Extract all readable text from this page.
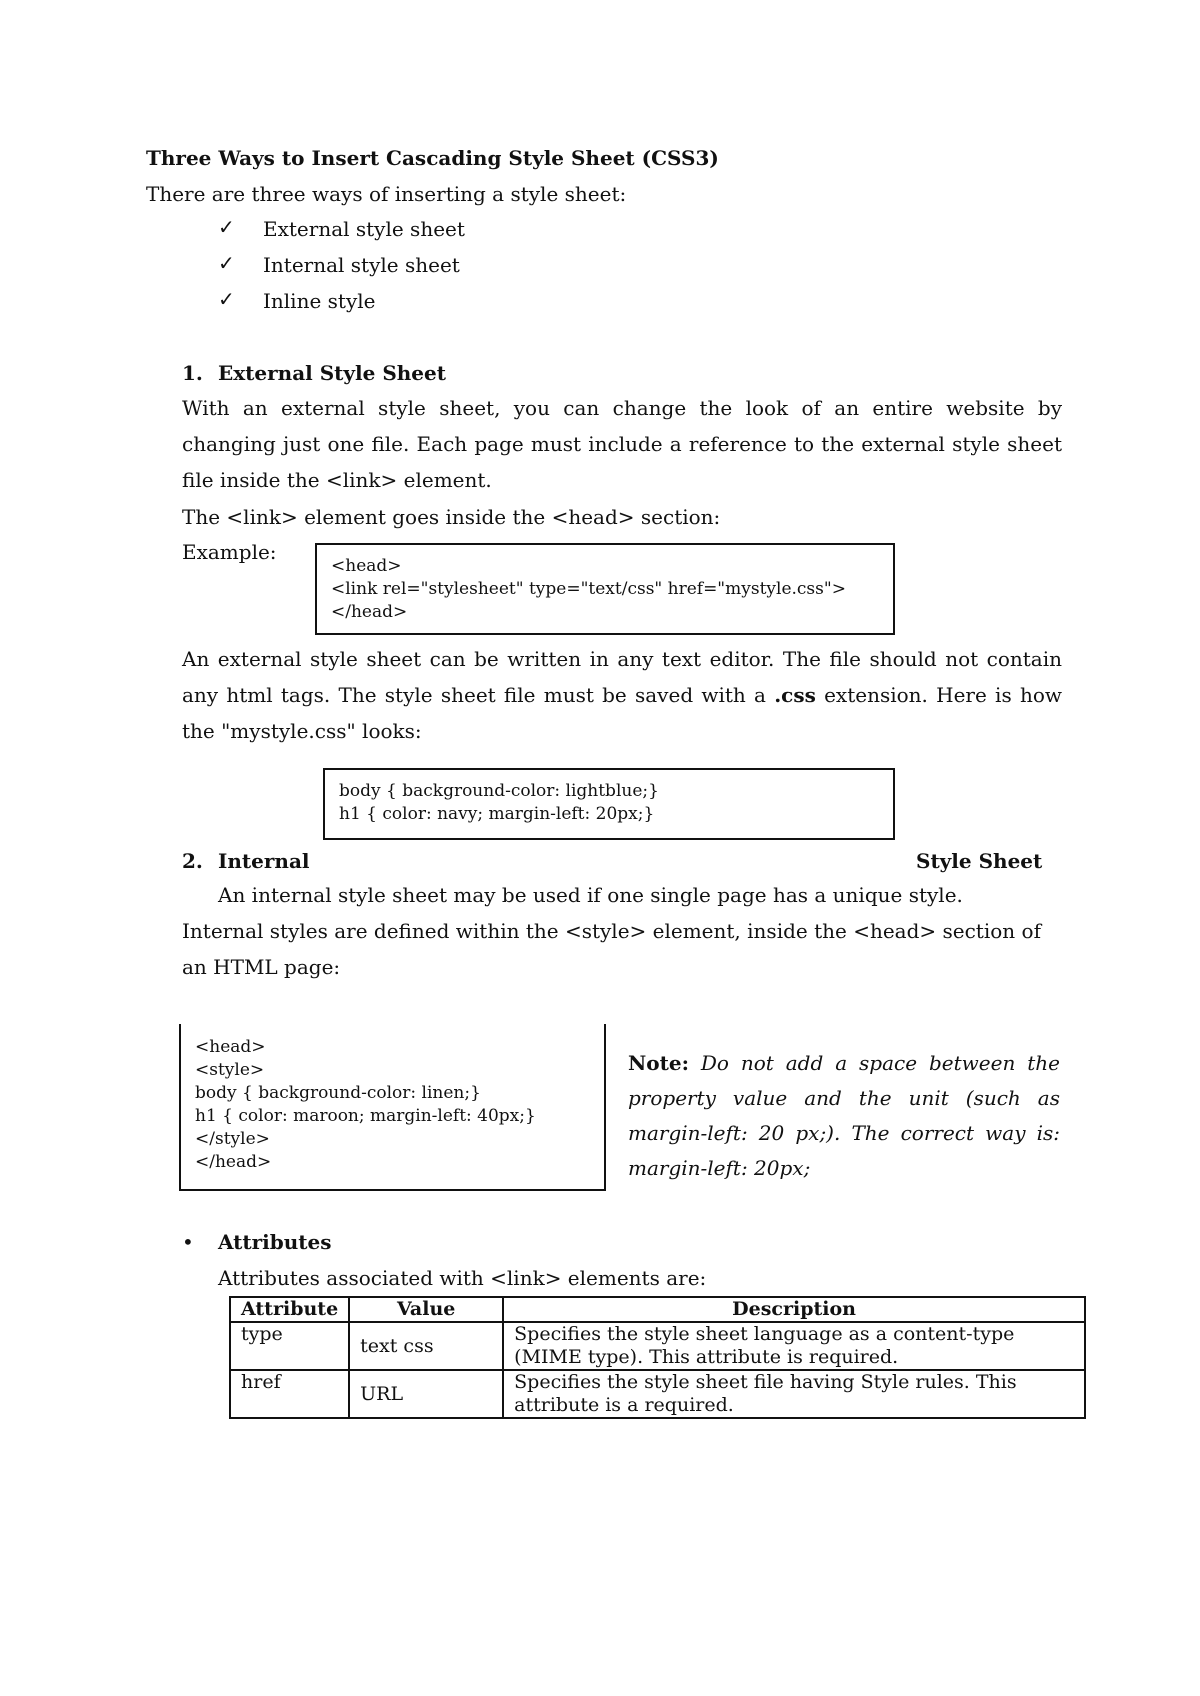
Three Ways to Insert Cascading Style Sheet (CSS3)
There are three ways of inserting a style sheet:
✓ External style sheet
✓ Internal style sheet
✓ Inline style
1. External Style Sheet
With an external style sheet, you can change the look of an entire website by changing just one file. Each page must include a reference to the external style sheet file inside the <link> element.
The <link> element goes inside the <head> section:
Example:
<head>
<link rel="stylesheet" type="text/css" href="mystyle.css">
</head>
An external style sheet can be written in any text editor. The file should not contain any html tags. The style sheet file must be saved with a .css extension. Here is how the "mystyle.css" looks:
body { background-color: lightblue;}
h1 { color: navy; margin-left: 20px;}
2. Internal	Style Sheet
An internal style sheet may be used if one single page has a unique style. Internal styles are defined within the <style> element, inside the <head> section of an HTML page:
<head>
<style>
body { background-color: linen;}
h1 { color: maroon; margin-left: 40px;}
</style>
</head>
Note: Do not add a space between the property value and the unit (such as margin-left: 20 px;). The correct way is: margin-left: 20px;
• Attributes
Attributes associated with <link> elements are:
Attribute	Value	Description
type	text css	Specifies the style sheet language as a content-type (MIME type). This attribute is required.
href	URL	Specifies the style sheet file having Style rules. This attribute is a required.
